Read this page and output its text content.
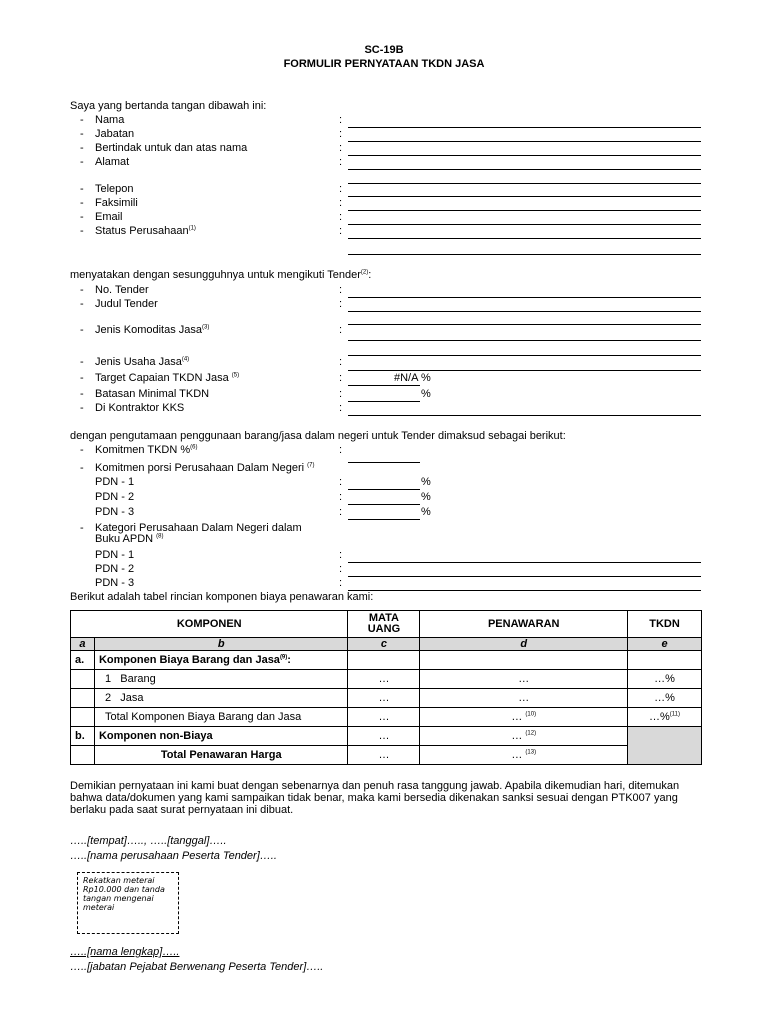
SC-19B
FORMULIR PERNYATAAN TKDN JASA
Saya yang bertanda tangan dibawah ini:
- Nama	:
- Jabatan	:
- Bertindak untuk dan atas nama	:
- Alamat	:
- Telepon	:
- Faksimili	:
- Email	:
- Status Perusahaan$^{(1)}$	:
menyatakan dengan sesungguhnya untuk mengikuti Tender$^{(2)}$:
- No. Tender	:
- Judul Tender	:
- Jenis Komoditas Jasa$^{(3)}$	:
- Jenis Usaha Jasa$^{(4)}$	:
- Target Capaian TKDN Jasa $^{(5)}$	:	#N/A %
- Batasan Minimal TKDN	:	%
- Di Kontraktor KKS	:
dengan pengutamaan penggunaan barang/jasa dalam negeri untuk Tender dimaksud sebagai berikut:
- Komitmen TKDN %$^{(6)}$	:
- Komitmen porsi Perusahaan Dalam Negeri $^{(7)}$
PDN - 1	:	%
PDN - 2	:	%
PDN - 3	:	%
- Kategori Perusahaan Dalam Negeri dalam
Buku APDN $^{(8)}$
PDN - 1	:
PDN - 2	:
PDN - 3	:
Berikut adalah tabel rincian komponen biaya penawaran kami:
KOMPONEN		MATA UANG	PENAWARAN	TKDN
a	b	c	d	e
a.	Komponen Biaya Barang dan Jasa$^{(9)}$:			
	1 Barang	…	…	…%
	2 Jasa	…	…	…%
	Total Komponen Biaya Barang dan Jasa	…	… $^{(10)}$	…%$^{(11)}$
b.	Komponen non-Biaya	…	… $^{(12)}$	
	Total Penawaran Harga	…	… $^{(13)}$
Demikian pernyataan ini kami buat dengan sebenarnya dan penuh rasa tanggung jawab. Apabila dikemudian hari, ditemukan bahwa data/dokumen yang kami sampaikan tidak benar, maka kami bersedia dikenakan sanksi sesuai dengan PTK007 yang berlaku pada saat surat pernyataan ini dibuat.
…..[tempat]….., …..[tanggal]…..
…..[nama perusahaan Peserta Tender]…..
Rekatkan meterai Rp10.000 dan tanda tangan mengenai meterai
…..[nama lengkap]…..
…..[jabatan Pejabat Berwenang Peserta Tender]…..
